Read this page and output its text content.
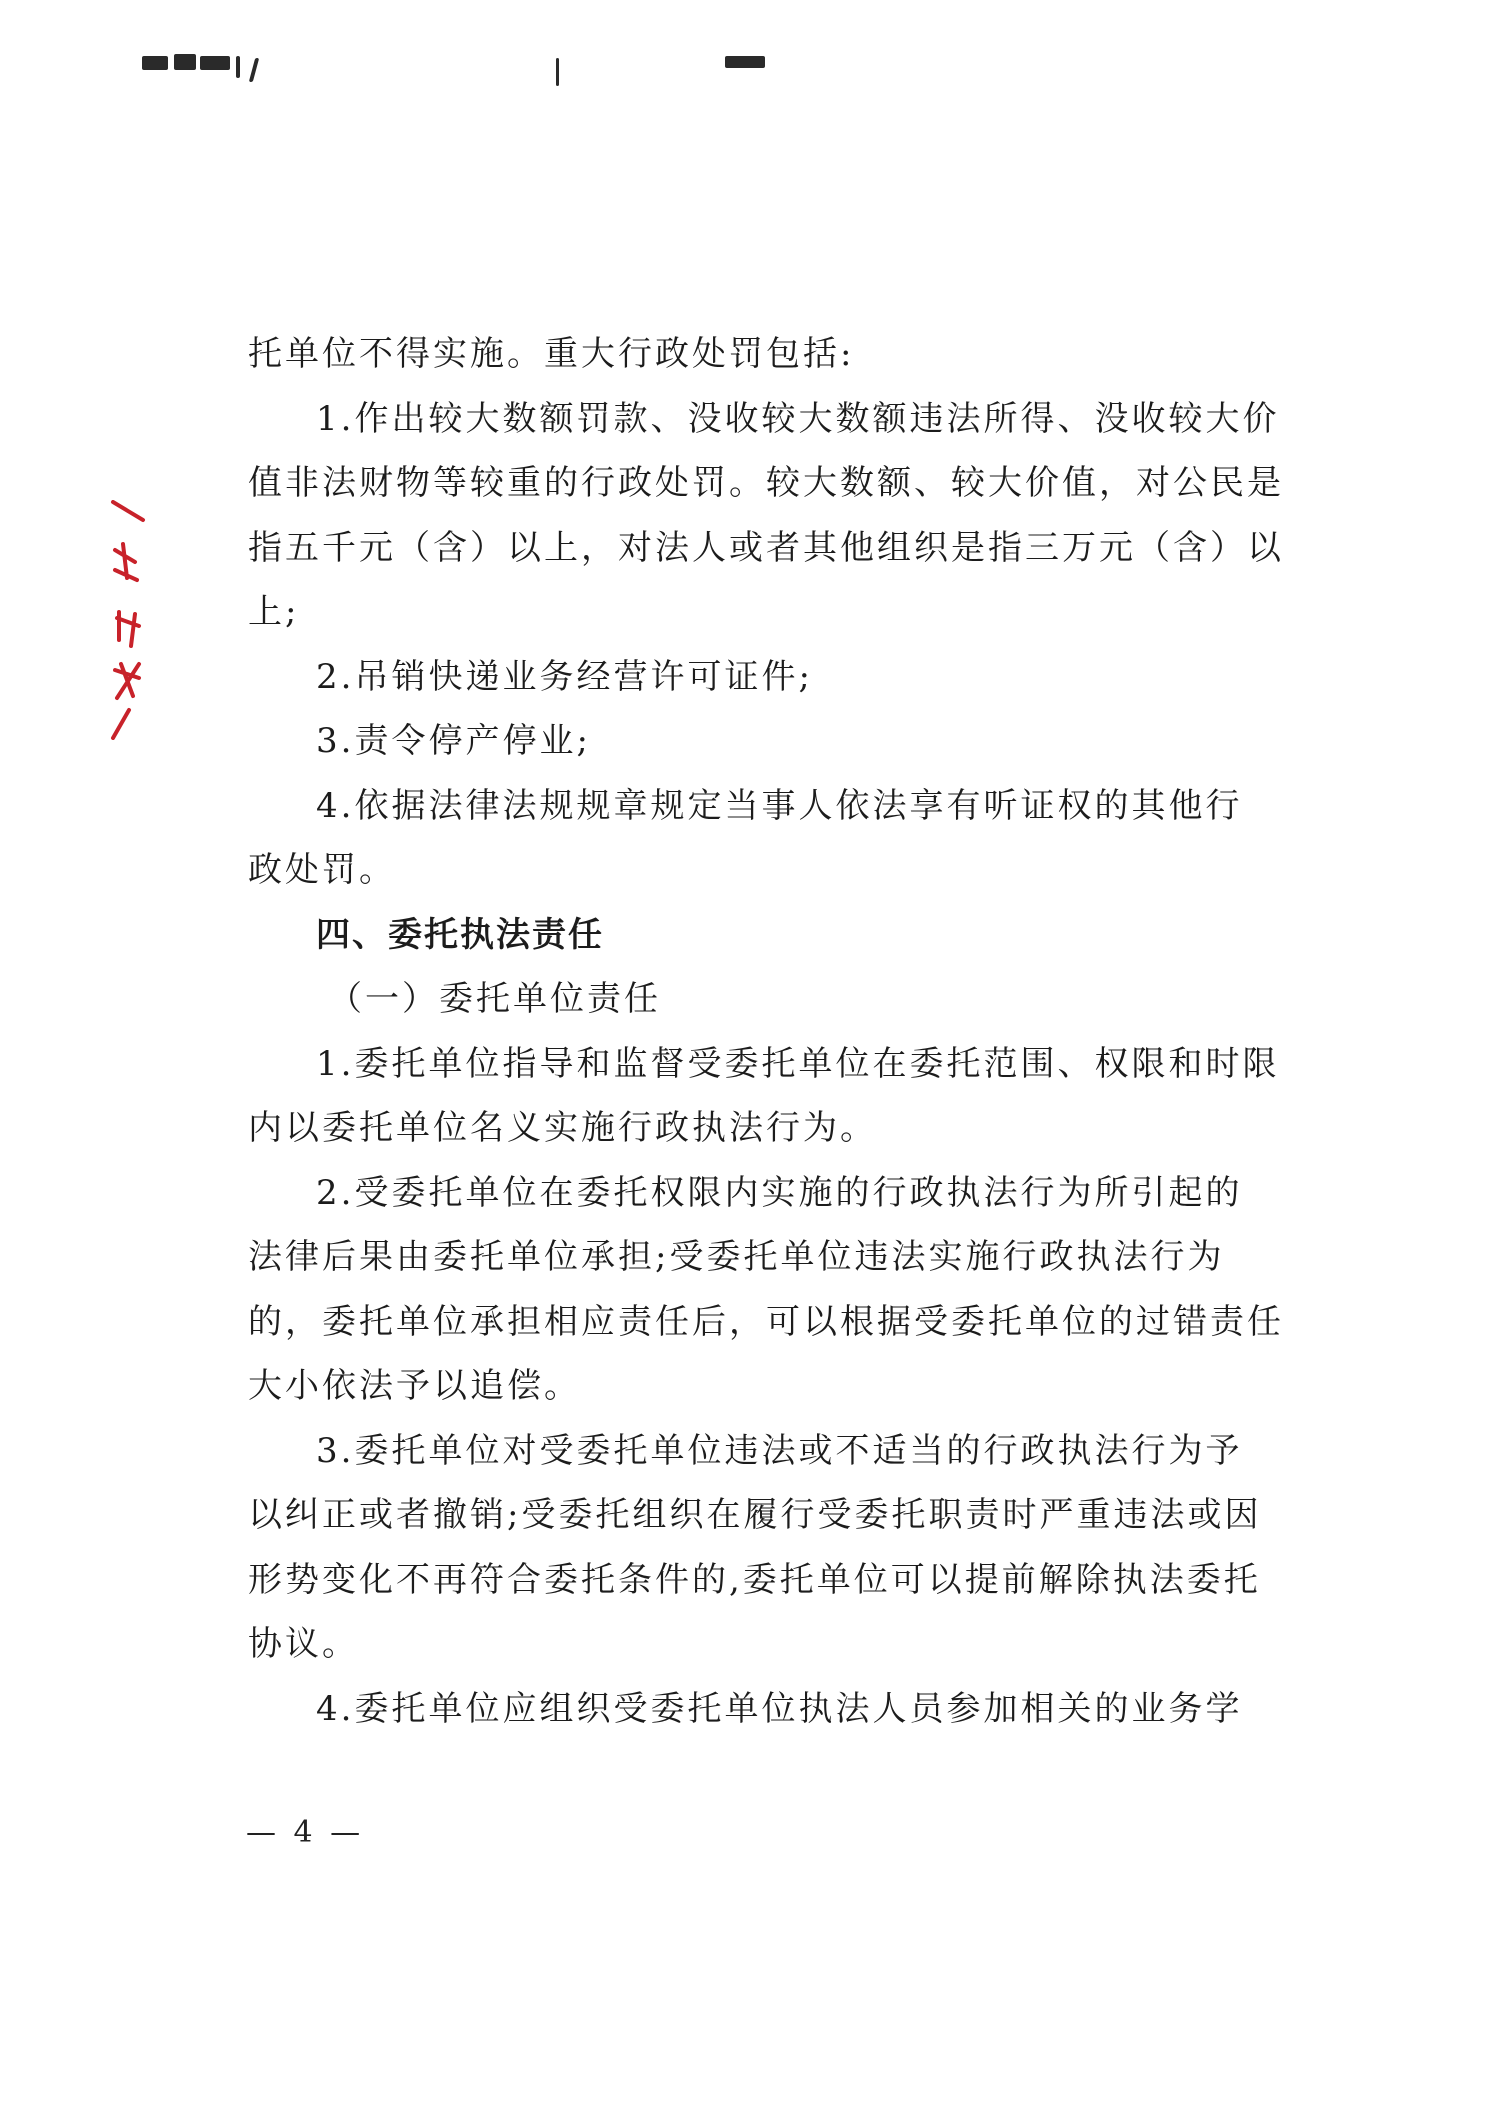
托单位不得实施。重大行政处罚包括:
1.作出较大数额罚款、没收较大数额违法所得、没收较大价
值非法财物等较重的行政处罚。较大数额、较大价值，对公民是
指五千元（含）以上，对法人或者其他组织是指三万元（含）以
上;
2.吊销快递业务经营许可证件;
3.责令停产停业;
4.依据法律法规规章规定当事人依法享有听证权的其他行
政处罚。
四、委托执法责任
（一）委托单位责任
1.委托单位指导和监督受委托单位在委托范围、权限和时限
内以委托单位名义实施行政执法行为。
2.受委托单位在委托权限内实施的行政执法行为所引起的
法律后果由委托单位承担;受委托单位违法实施行政执法行为
的，委托单位承担相应责任后，可以根据受委托单位的过错责任
大小依法予以追偿。
3.委托单位对受委托单位违法或不适当的行政执法行为予
以纠正或者撤销;受委托组织在履行受委托职责时严重违法或因
形势变化不再符合委托条件的,委托单位可以提前解除执法委托
协议。
4.委托单位应组织受委托单位执法人员参加相关的业务学
— 4 —
